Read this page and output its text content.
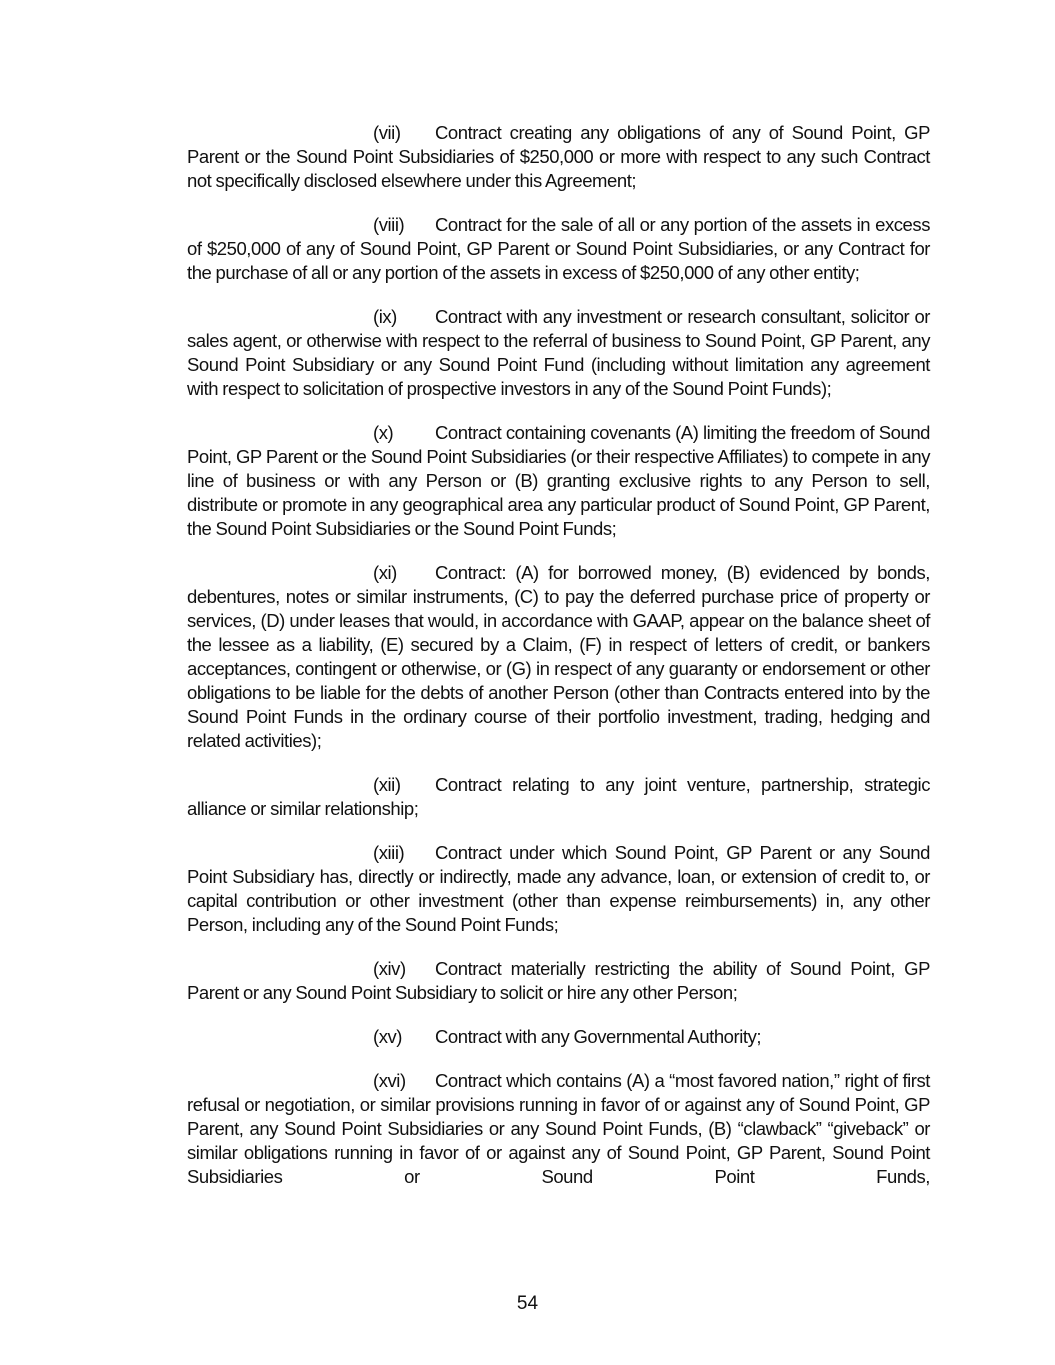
(vii) Contract creating any obligations of any of Sound Point, GP Parent or the Sound Point Subsidiaries of $250,000 or more with respect to any such Contract not specifically disclosed elsewhere under this Agreement;

(viii) Contract for the sale of all or any portion of the assets in excess of $250,000 of any of Sound Point, GP Parent or Sound Point Subsidiaries, or any Contract for the purchase of all or any portion of the assets in excess of $250,000 of any other entity;

(ix) Contract with any investment or research consultant, solicitor or sales agent, or otherwise with respect to the referral of business to Sound Point, GP Parent, any Sound Point Subsidiary or any Sound Point Fund (including without limitation any agreement with respect to solicitation of prospective investors in any of the Sound Point Funds);

(x) Contract containing covenants (A) limiting the freedom of Sound Point, GP Parent or the Sound Point Subsidiaries (or their respective Affiliates) to compete in any line of business or with any Person or (B) granting exclusive rights to any Person to sell, distribute or promote in any geographical area any particular product of Sound Point, GP Parent, the Sound Point Subsidiaries or the Sound Point Funds;

(xi) Contract: (A) for borrowed money, (B) evidenced by bonds, debentures, notes or similar instruments, (C) to pay the deferred purchase price of property or services, (D) under leases that would, in accordance with GAAP, appear on the balance sheet of the lessee as a liability, (E) secured by a Claim, (F) in respect of letters of credit, or bankers acceptances, contingent or otherwise, or (G) in respect of any guaranty or endorsement or other obligations to be liable for the debts of another Person (other than Contracts entered into by the Sound Point Funds in the ordinary course of their portfolio investment, trading, hedging and related activities);

(xii) Contract relating to any joint venture, partnership, strategic alliance or similar relationship;

(xiii) Contract under which Sound Point, GP Parent or any Sound Point Subsidiary has, directly or indirectly, made any advance, loan, or extension of credit to, or capital contribution or other investment (other than expense reimbursements) in, any other Person, including any of the Sound Point Funds;

(xiv) Contract materially restricting the ability of Sound Point, GP Parent or any Sound Point Subsidiary to solicit or hire any other Person;

(xv) Contract with any Governmental Authority;

(xvi) Contract which contains (A) a “most favored nation,” right of first refusal or negotiation, or similar provisions running in favor of or against any of Sound Point, GP Parent, any Sound Point Subsidiaries or any Sound Point Funds, (B) “clawback” “giveback” or similar obligations running in favor of or against any of Sound Point, GP Parent, Sound Point Subsidiaries or Sound Point Funds,

54
